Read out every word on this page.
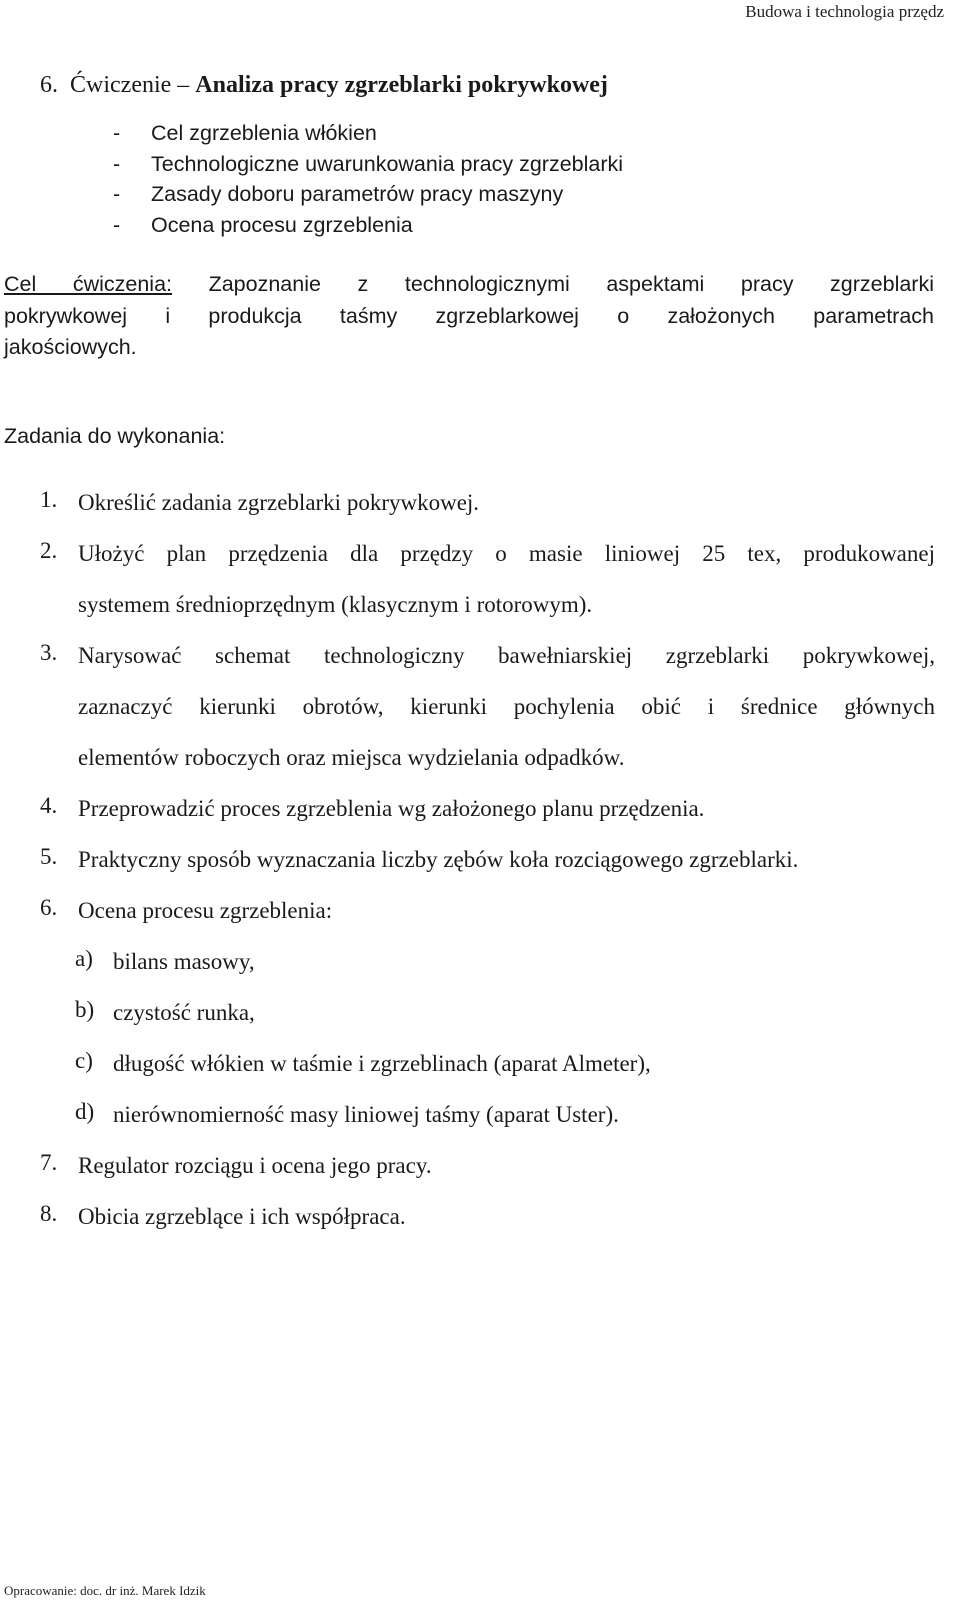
Budowa i technologia przędz
6. Ćwiczenie – Analiza pracy zgrzeblarki pokrywkowej
- Cel zgrzeblenia włókien
- Technologiczne uwarunkowania pracy zgrzeblarki
- Zasady doboru parametrów pracy maszyny
- Ocena procesu zgrzeblenia
Cel ćwiczenia: Zapoznanie z technologicznymi aspektami pracy zgrzeblarki
pokrywkowej i produkcja taśmy zgrzeblarkowej o założonych parametrach
jakościowych.
Zadania do wykonania:
1. Określić zadania zgrzeblarki pokrywkowej.
2. Ułożyć plan przędzenia dla przędzy o masie liniowej 25 tex, produkowanej
systemem średnioprzędnym (klasycznym i rotorowym).
3. Narysować schemat technologiczny bawełniarskiej zgrzeblarki pokrywkowej,
zaznaczyć kierunki obrotów, kierunki pochylenia obić i średnice głównych
elementów roboczych oraz miejsca wydzielania odpadków.
4. Przeprowadzić proces zgrzeblenia wg założonego planu przędzenia.
5. Praktyczny sposób wyznaczania liczby zębów koła rozciągowego zgrzeblarki.
6. Ocena procesu zgrzeblenia:
a) bilans masowy,
b) czystość runka,
c) długość włókien w taśmie i zgrzeblinach (aparat Almeter),
d) nierównomierność masy liniowej taśmy (aparat Uster).
7. Regulator rozciągu i ocena jego pracy.
8. Obicia zgrzeblące i ich współpraca.
Opracowanie: doc. dr inż. Marek Idzik
